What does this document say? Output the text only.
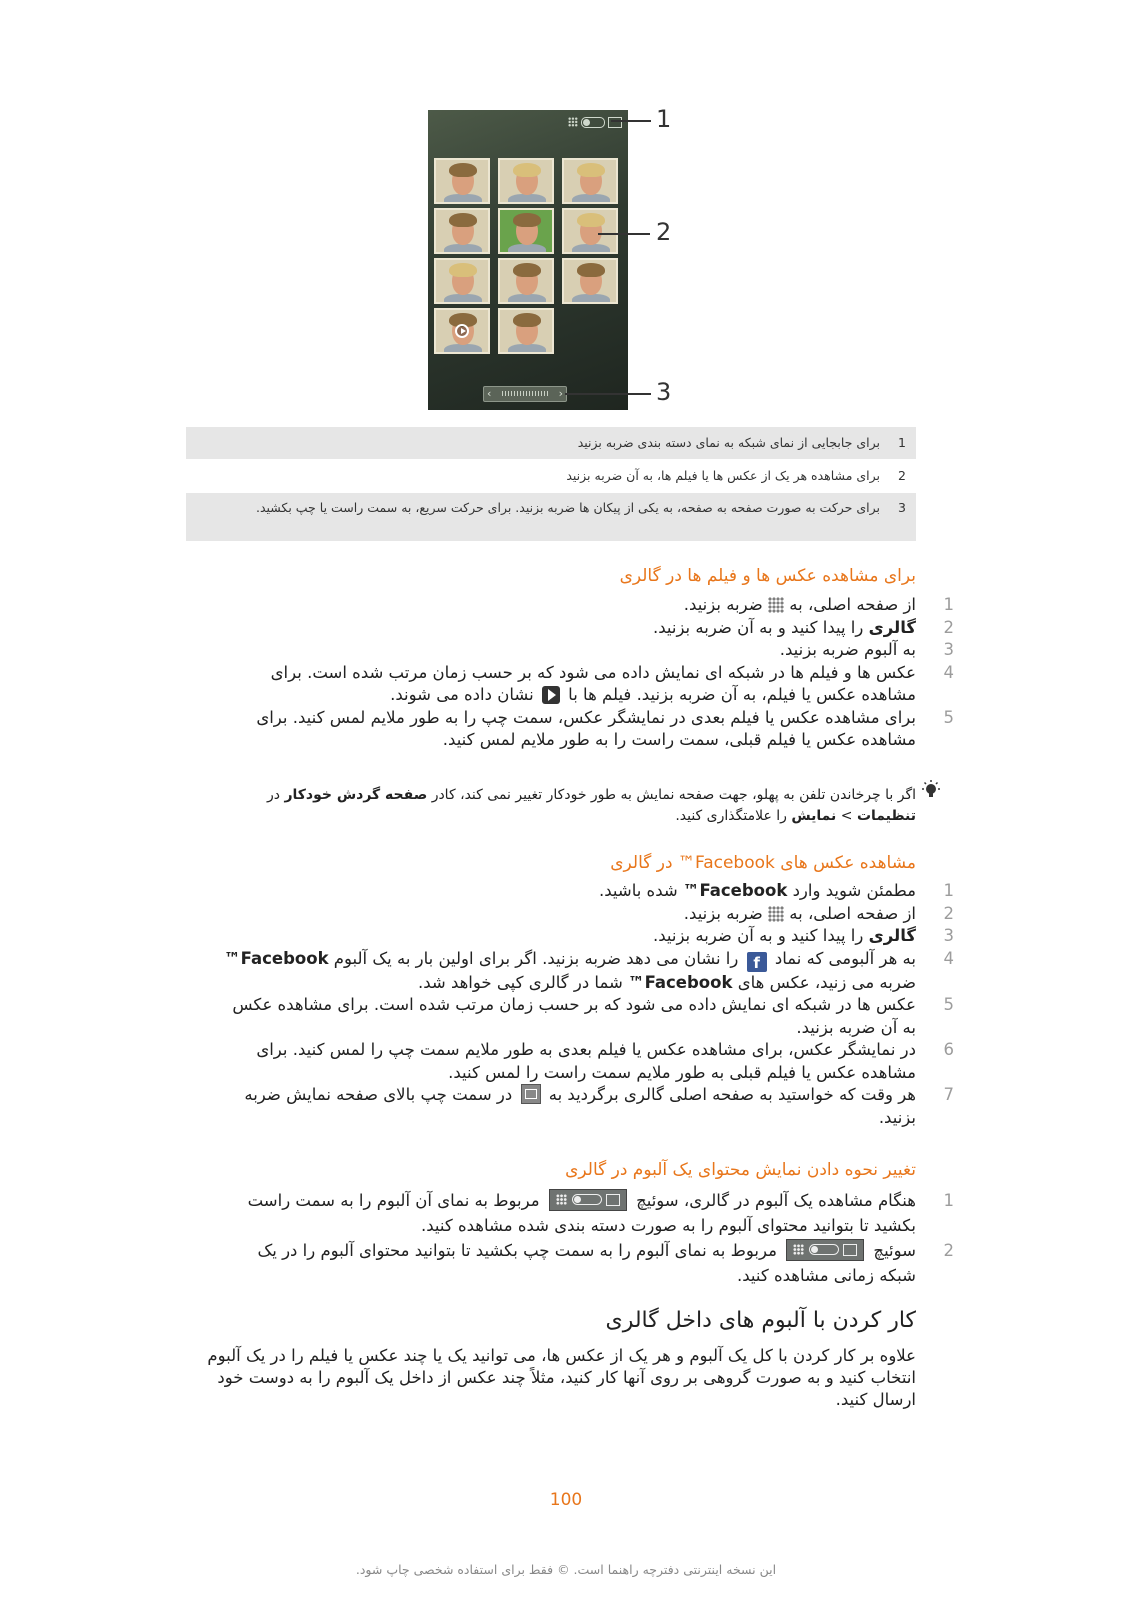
‹	›
1
2
3
1
برای جابجایی از نمای شبکه به نمای دسته بندی ضربه بزنید
2
برای مشاهده هر یک از عکس ها یا فیلم ها، به آن ضربه بزنید
3
برای حرکت به صورت صفحه به صفحه، به یکی از پیکان ها ضربه بزنید. برای حرکت سریع، به سمت راست یا چپ بکشید.
برای مشاهده عکس ها و فیلم ها در گالری
1
از صفحه اصلی، به  ضربه بزنید.
2
گالری را پیدا کنید و به آن ضربه بزنید.
3
به آلبوم ضربه بزنید.
4
عکس ها و فیلم ها در شبکه ای نمایش داده می شود که بر حسب زمان مرتب شده است. برای مشاهده عکس یا فیلم، به آن ضربه بزنید. فیلم ها با  نشان داده می شوند.
5
برای مشاهده عکس یا فیلم بعدی در نمایشگر عکس، سمت چپ را به طور ملایم لمس کنید. برای مشاهده عکس یا فیلم قبلی، سمت راست را به طور ملایم لمس کنید.
اگر با چرخاندن تلفن به پهلو، جهت صفحه نمایش به طور خودکار تغییر نمی کند، کادر صفحه گردش خودکار در تنظیمات > نمایش را علامتگذاری کنید.
مشاهده عکس های Facebook™ در گالری
1
مطمئن شوید وارد Facebook™ شده باشید.
2
از صفحه اصلی، به  ضربه بزنید.
3
گالری را پیدا کنید و به آن ضربه بزنید.
4
به هر آلبومی که نماد f را نشان می دهد ضربه بزنید. اگر برای اولین بار به یک آلبوم Facebook™ ضربه می زنید، عکس های Facebook™ شما در گالری کپی خواهد شد.
5
عکس ها در شبکه ای نمایش داده می شود که بر حسب زمان مرتب شده است. برای مشاهده عکس به آن ضربه بزنید.
6
در نمایشگر عکس، برای مشاهده عکس یا فیلم بعدی به طور ملایم سمت چپ را لمس کنید. برای مشاهده عکس یا فیلم قبلی به طور ملایم سمت راست را لمس کنید.
7
هر وقت که خواستید به صفحه اصلی گالری برگردید به  در سمت چپ بالای صفحه نمایش ضربه بزنید.
تغییر نحوه دادن نمایش محتوای یک آلبوم در گالری
1
هنگام مشاهده یک آلبوم در گالری، سوئیچ
مربوط به نمای آن آلبوم را به سمت راست بکشید تا بتوانید محتوای آلبوم را به صورت دسته بندی شده مشاهده کنید.
2
سوئیچ
مربوط به نمای آلبوم را به سمت چپ بکشید تا بتوانید محتوای آلبوم را در یک شبکه زمانی مشاهده کنید.
کار کردن با آلبوم های داخل گالری
علاوه بر کار کردن با کل یک آلبوم و هر یک از عکس ها، می توانید یک یا چند عکس یا فیلم را در یک آلبوم انتخاب کنید و به صورت گروهی بر روی آنها کار کنید، مثلاً چند عکس از داخل یک آلبوم را به دوست خود ارسال کنید.
100
این نسخه اینترنتی دفترچه راهنما است. © فقط برای استفاده شخصی چاپ شود.
